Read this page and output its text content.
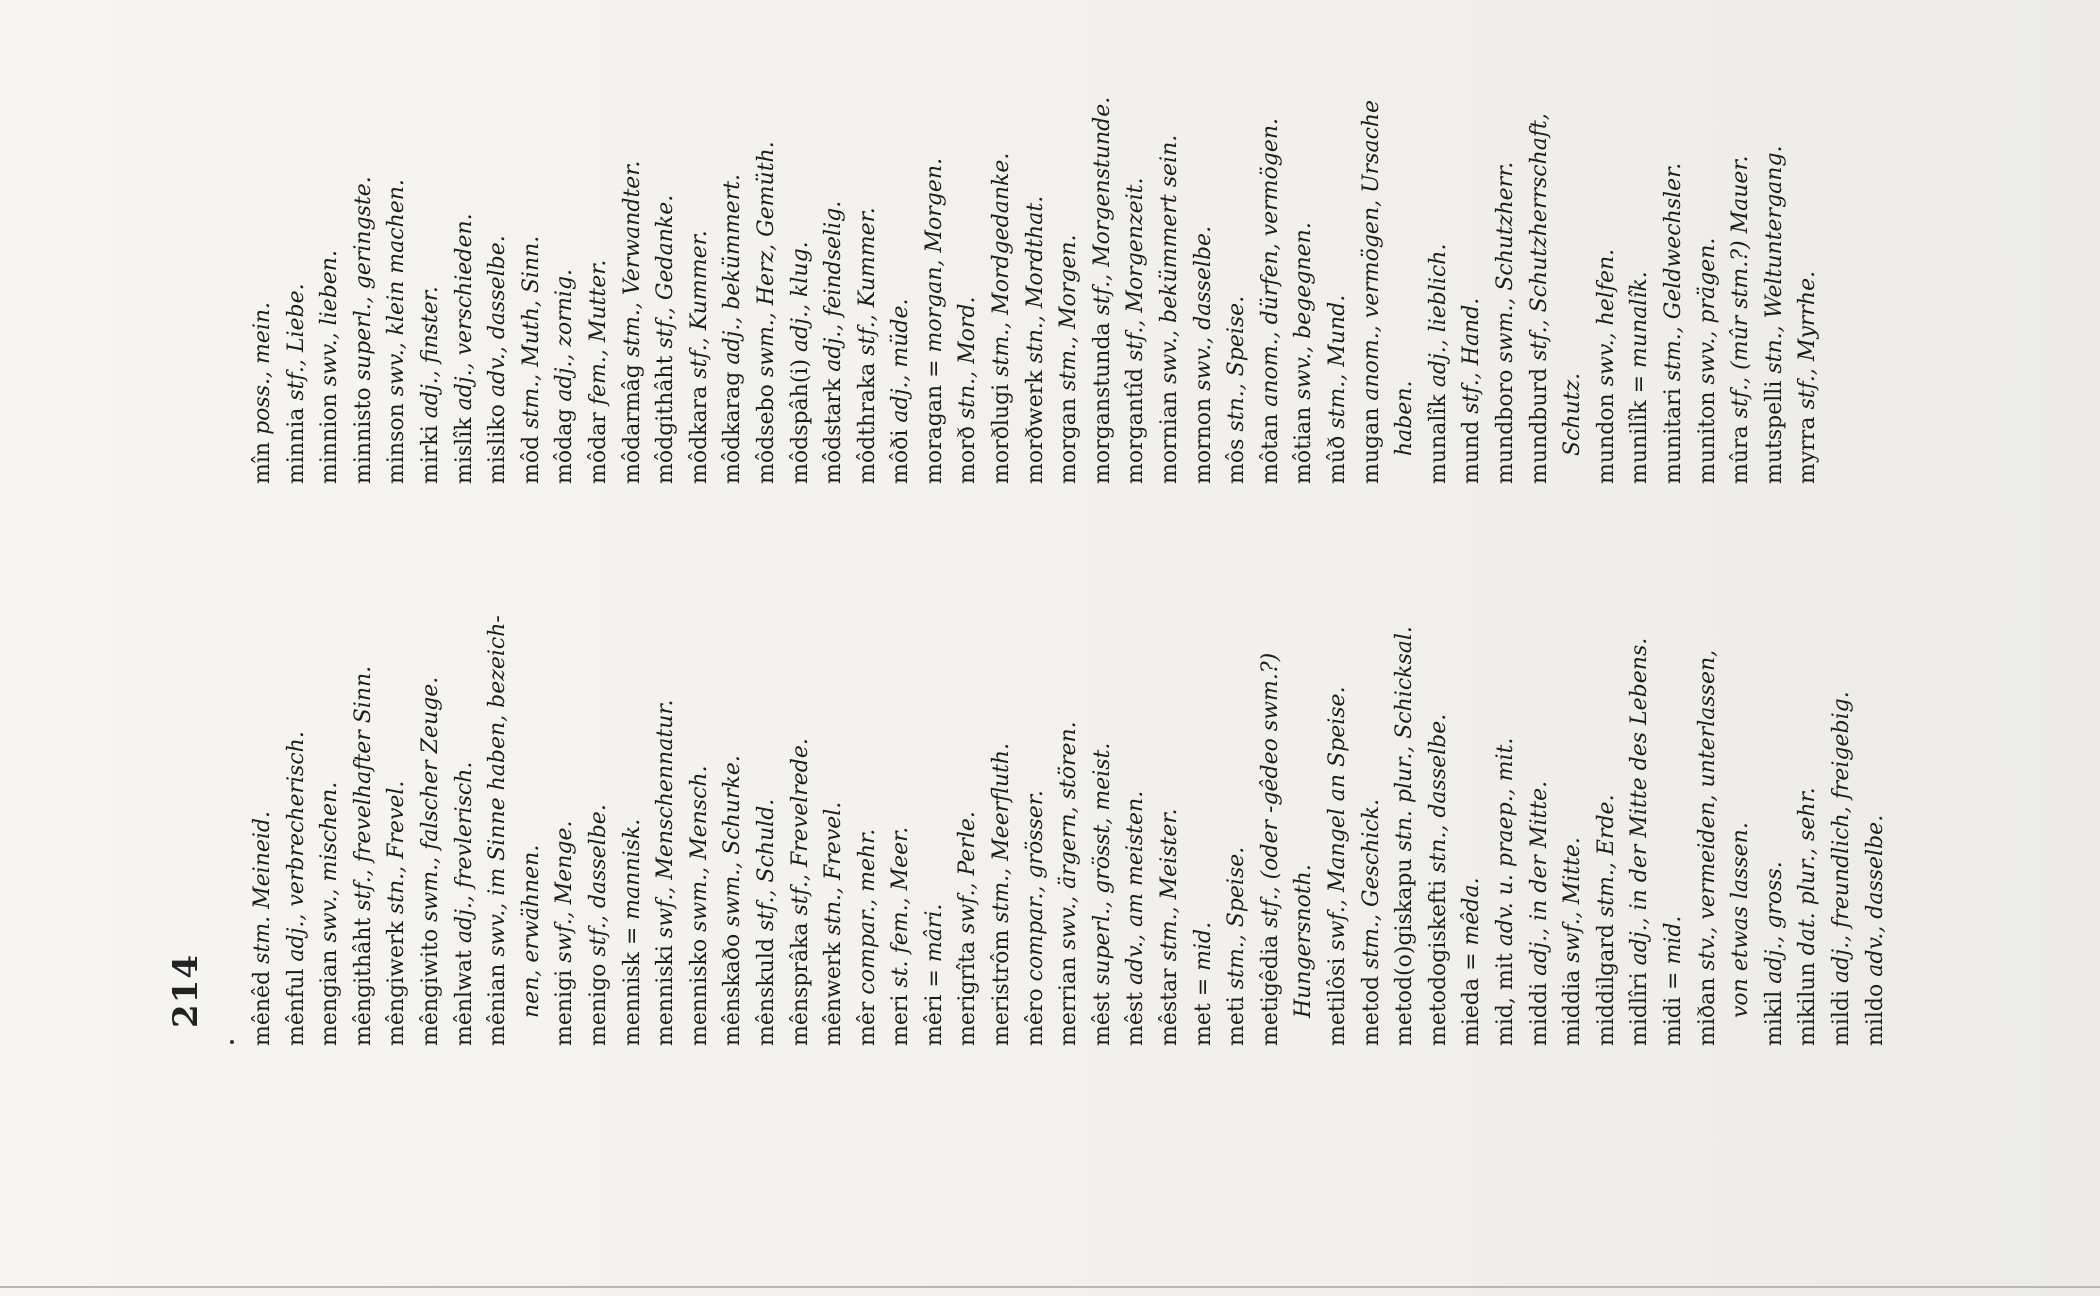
214 mênêd stm. Meineid.
mênful adj., verbrecherisch.
mengian swv., mischen.
mêngithâht stf., frevelhafter Sinn.
mêngiwerk stn., Frevel.
mêngiwito swm., falscher Zeuge.
mênlwat adj., frevlerisch.
mênian swv., im Sinne haben, bezeich- nen, erwähnen. menigi swf., Menge.
menigo stf., dasselbe.
mennisk = mannisk.
menniski swf., Menschennatur.
mennisko swm., Mensch.
mênskaðo swm., Schurke.
mênskuld stf., Schuld.
mênsprâka stf., Frevelrede.
mênwerk stn., Frevel.
mêr compar., mehr.
meri st. fem., Meer.
mêri = mâri. merigrîta swf., Perle.
meristrôm stm., Meerfluth.
mêro compar., grösser.
merrian swv., ärgern, stören.
mêst superl., grösst, meist.
mêst adv., am meisten.
mêstar stm., Meister.
met = mid.
meti stm., Speise. metigêdia stf., (oder -gêdeo swm.?)
Hungersnoth. metilôsi swf., Mangel an Speise.
metod stm., Geschick. metod(o)giskapu stn. plur., Schicksal.
metodogiskefti stn., dasselbe.
mieda = mêda.
mid, mit adv. u. praep., mit.
middi adj., in der Mitte.
middia swf., Mitte.
middilgard stm., Erde.
midlîri adj., in der Mitte des Lebens.
midi = mid.
miðan stv., vermeiden, unterlassen, von etwas lassen.
mikil adj., gross.
mikilun dat. plur., sehr.
mildi adj., freundlich, freigebig.
mildo adv., dasselbe.
mîn poss., mein.
minnia stf., Liebe.
minnion swv., lieben.
minnisto superl., geringste.
minson swv., klein machen.
mirki adj., finster.
mislîk adj., verschieden.
misliko adv., dasselbe.
môd stm., Muth, Sinn.
môdag adj., zornig.
môdar fem., Mutter.
môdarmâg stm., Verwandter.
môdgithâht stf., Gedanke.
môdkara stf., Kummer.
môdkarag adj., bekümmert.
môdsebo swm., Herz, Gemüth.
môdspâh(i) adj., klug.
môdstark adj., feindselig.
môdthraka stf., Kummer.
môði adj., müde.
moragan = morgan, Morgen.
morð stn., Mord.
morðlugi stm., Mordgedanke.
morðwerk stn., Mordthat.
morgan stm., Morgen.
morganstunda stf., Morgenstunde.
morgantîd stf., Morgenzeit.
mornian swv., bekümmert sein.
mornon swv., dasselbe.
môs stn., Speise.
môtan anom., dürfen, vermögen.
môtian swv., begegnen.
mûð stm., Mund.
mugan anom., vermögen, Ursache
haben. munalîk adj., lieblich.
mund stf., Hand.
mundboro swm., Schutzherr.
mundburd stf., Schutzherrschaft,
Schutz. mundon swv., helfen.
munilîk = munalîk.
munitari stm., Geldwechsler.
muniton swv., prägen.
mûra stf., (mûr stm.?) Mauer.
mutspelli stn., Weltuntergang.
myrra stf., Myrrhe.
